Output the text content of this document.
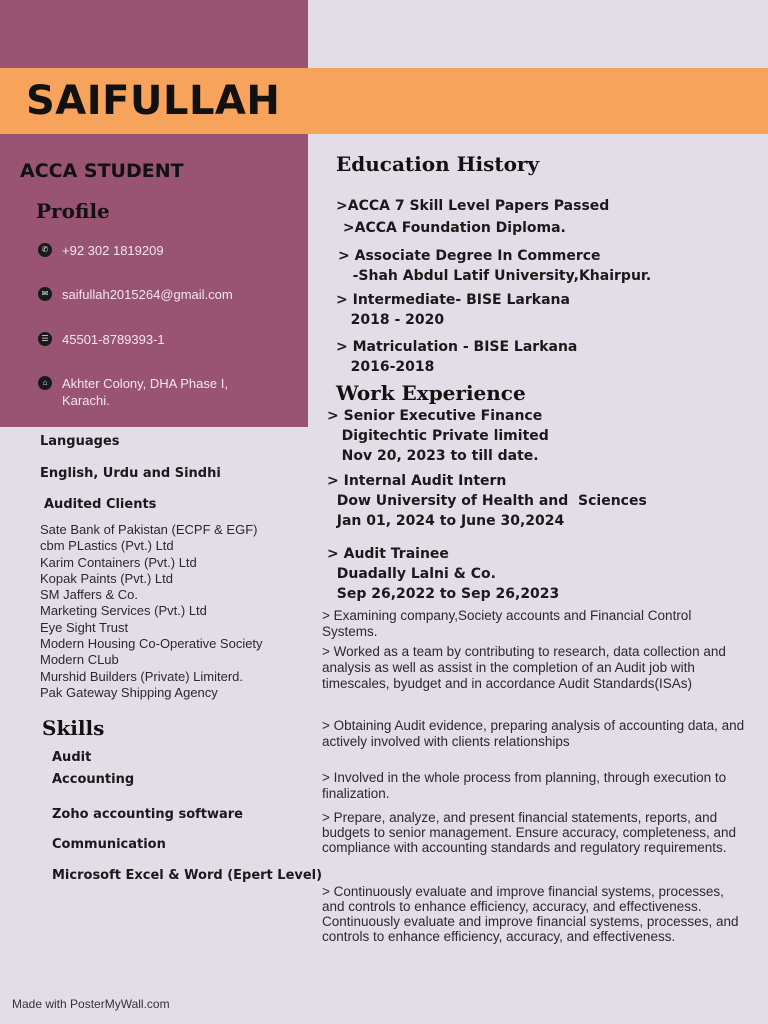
SAIFULLAH
ACCA STUDENT
Profile
✆ +92 302 1819209
✉ saifullah2015264@gmail.com
☰ 45501-8789393-1
⌂	Akhter Colony, DHA Phase I,
Karachi.
Languages
English, Urdu and Sindhi
Audited Clients
Sate Bank of Pakistan (ECPF & EGF)
cbm PLastics (Pvt.) Ltd
Karim Containers (Pvt.) Ltd
Kopak Paints (Pvt.) Ltd
SM Jaffers & Co.
Marketing Services (Pvt.) Ltd
Eye Sight Trust
Modern Housing Co-Operative Society
Modern CLub
Murshid Builders (Private) Limiterd.
Pak Gateway Shipping Agency
Skills
Audit
Accounting
Zoho accounting software
Communication
Microsoft Excel & Word (Epert Level)
Education History
>ACCA 7 Skill Level Papers Passed
>ACCA Foundation Diploma.
> Associate Degree In Commerce
-Shah Abdul Latif University,Khairpur.
> Intermediate- BISE Larkana
2018 - 2020
> Matriculation - BISE Larkana
2016-2018
Work Experience
> Senior Executive Finance
Digitechtic Private limited
Nov 20, 2023 to till date.
> Internal Audit Intern
Dow University of Health and  Sciences
Jan 01, 2024 to June 30,2024
> Audit Trainee
Duadally Lalni & Co.
Sep 26,2022 to Sep 26,2023
> Examining company,Society accounts and Financial Control Systems.
> Worked as a team by contributing to research, data collection and analysis as well as assist in the completion of an Audit job with timescales, byudget and in accordance Audit Standards(ISAs)
> Obtaining Audit evidence, preparing analysis of accounting data, and actively involved with clients relationships
> Involved in the whole process from planning, through execution to finalization.
> Prepare, analyze, and present financial statements, reports, and budgets to senior management. Ensure accuracy, completeness, and compliance with accounting standards and regulatory requirements.
> Continuously evaluate and improve financial systems, processes, and controls to enhance efficiency, accuracy, and effectiveness. Continuously evaluate and improve financial systems, processes, and controls to enhance efficiency, accuracy, and effectiveness.
Made with PosterMyWall.com
